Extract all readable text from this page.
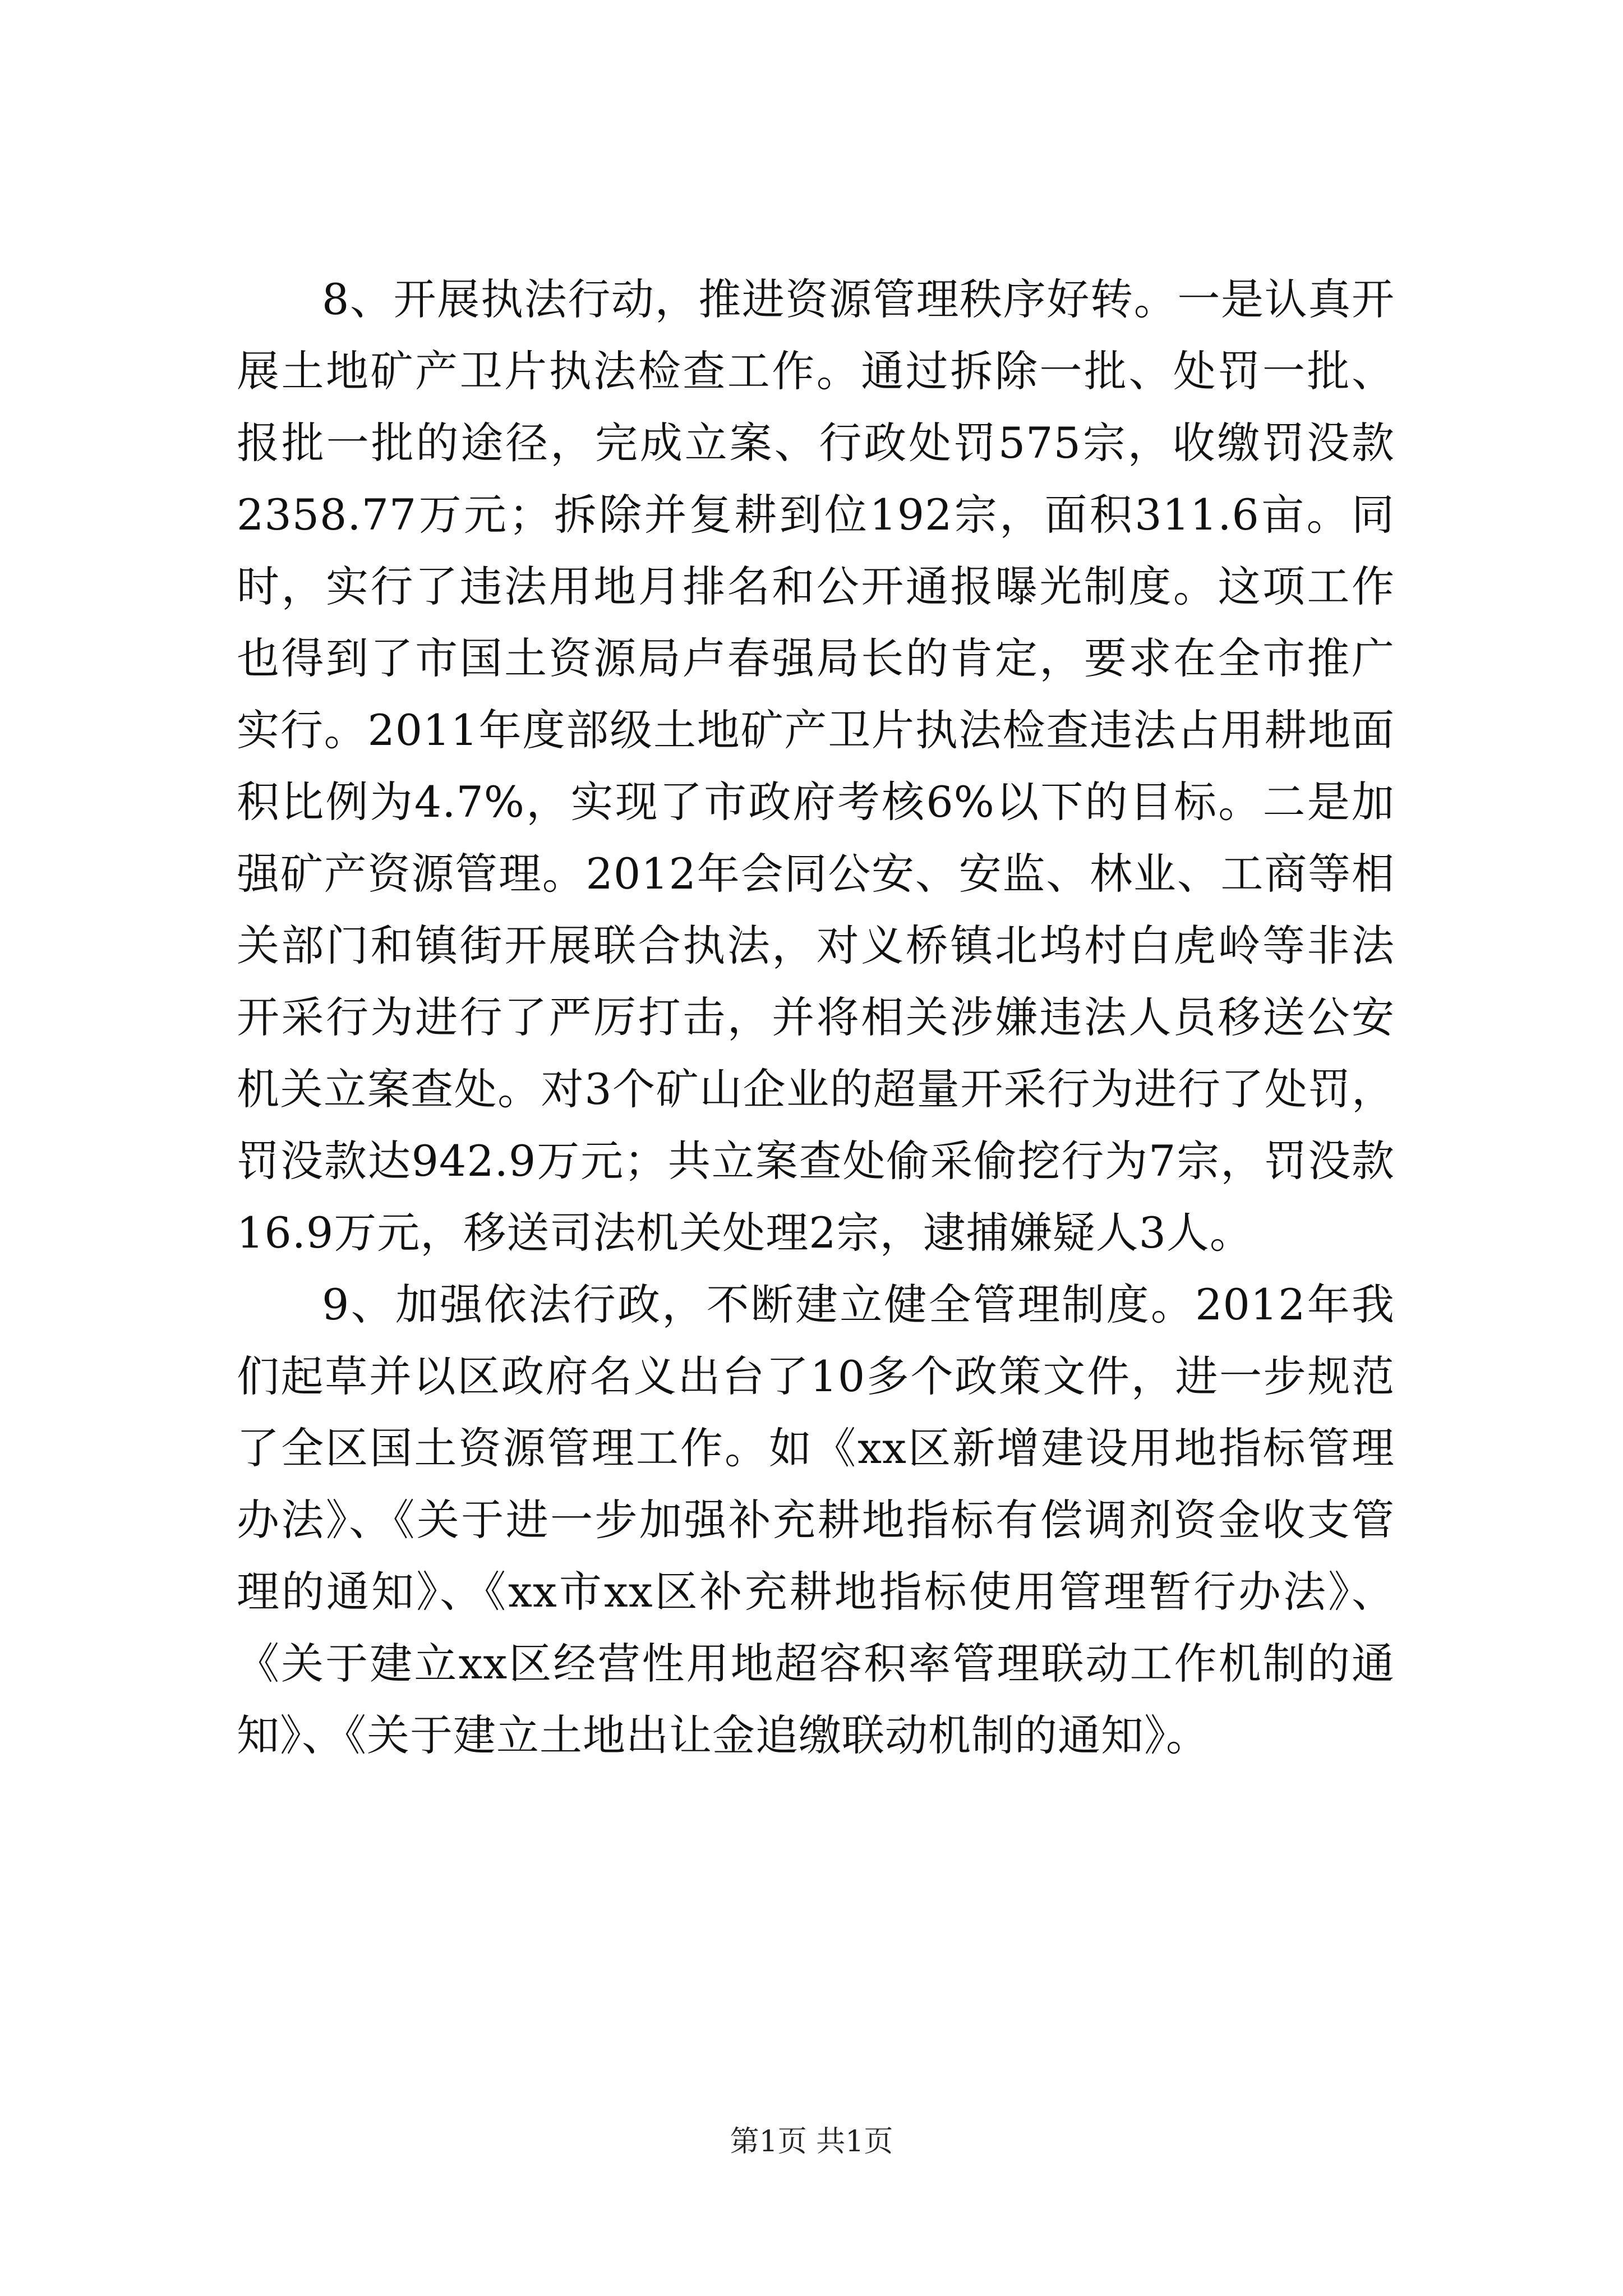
8、开展执法行动，推进资源管理秩序好转。一是认真开展土地矿产卫片执法检查工作。通过拆除一批、处罚一批、报批一批的途径，完成立案、行政处罚575宗，收缴罚没款2358.77万元；拆除并复耕到位192宗，面积311.6亩。同时，实行了违法用地月排名和公开通报曝光制度。这项工作也得到了市国土资源局卢春强局长的肯定，要求在全市推广实行。2011年度部级土地矿产卫片执法检查违法占用耕地面积比例为4.7%，实现了市政府考核6%以下的目标。二是加强矿产资源管理。2012年会同公安、安监、林业、工商等相关部门和镇街开展联合执法，对义桥镇北坞村白虎岭等非法开采行为进行了严厉打击，并将相关涉嫌违法人员移送公安机关立案查处。对3个矿山企业的超量开采行为进行了处罚，罚没款达942.9万元；共立案查处偷采偷挖行为7宗，罚没款16.9万元，移送司法机关处理2宗，逮捕嫌疑人3人。

9、加强依法行政，不断建立健全管理制度。2012年我们起草并以区政府名义出台了10多个政策文件，进一步规范了全区国土资源管理工作。如《xx区新增建设用地指标管理办法》、《关于进一步加强补充耕地指标有偿调剂资金收支管理的通知》、《xx市xx区补充耕地指标使用管理暂行办法》、《关于建立xx区经营性用地超容积率管理联动工作机制的通知》、《关于建立土地出让金追缴联动机制的通知》。

第1页 共1页
